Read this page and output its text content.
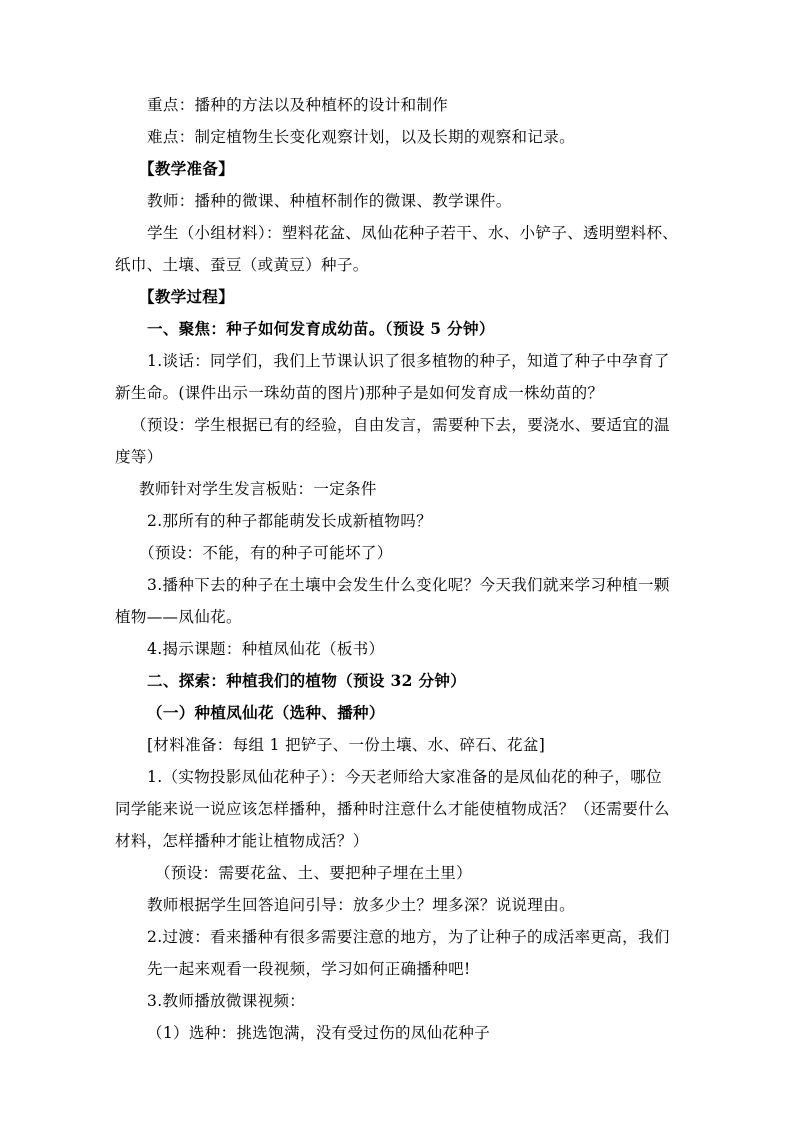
重点：播种的方法以及种植杯的设计和制作
难点：制定植物生长变化观察计划，以及长期的观察和记录。
【教学准备】
教师：播种的微课、种植杯制作的微课、教学课件。
学生（小组材料）：塑料花盆、凤仙花种子若干、水、小铲子、透明塑料杯、
纸巾、土壤、蚕豆（或黄豆）种子。
【教学过程】
一、聚焦：种子如何发育成幼苗。（预设 5 分钟）
1.谈话：同学们，我们上节课认识了很多植物的种子，知道了种子中孕育了
新生命。(课件出示一珠幼苗的图片)那种子是如何发育成一株幼苗的？
（预设：学生根据已有的经验，自由发言，需要种下去，要浇水、要适宜的温
度等）
教师针对学生发言板贴：一定条件
2.那所有的种子都能萌发长成新植物吗？
（预设：不能，有的种子可能坏了）
3.播种下去的种子在土壤中会发生什么变化呢？今天我们就来学习种植一颗
植物——凤仙花。
4.揭示课题：种植凤仙花（板书）
二、探索：种植我们的植物（预设 32 分钟）
（一）种植凤仙花（选种、播种）
[材料准备：每组 1 把铲子、一份土壤、水、碎石、花盆]
1.（实物投影凤仙花种子）：今天老师给大家准备的是凤仙花的种子，哪位
同学能来说一说应该怎样播种，播种时注意什么才能使植物成活？（还需要什么
材料，怎样播种才能让植物成活？）
（预设：需要花盆、土、要把种子埋在土里）
教师根据学生回答追问引导：放多少土？埋多深？说说理由。
2.过渡：看来播种有很多需要注意的地方，为了让种子的成活率更高，我们
先一起来观看一段视频，学习如何正确播种吧!
3.教师播放微课视频：
（1）选种：挑选饱满，没有受过伤的凤仙花种子
